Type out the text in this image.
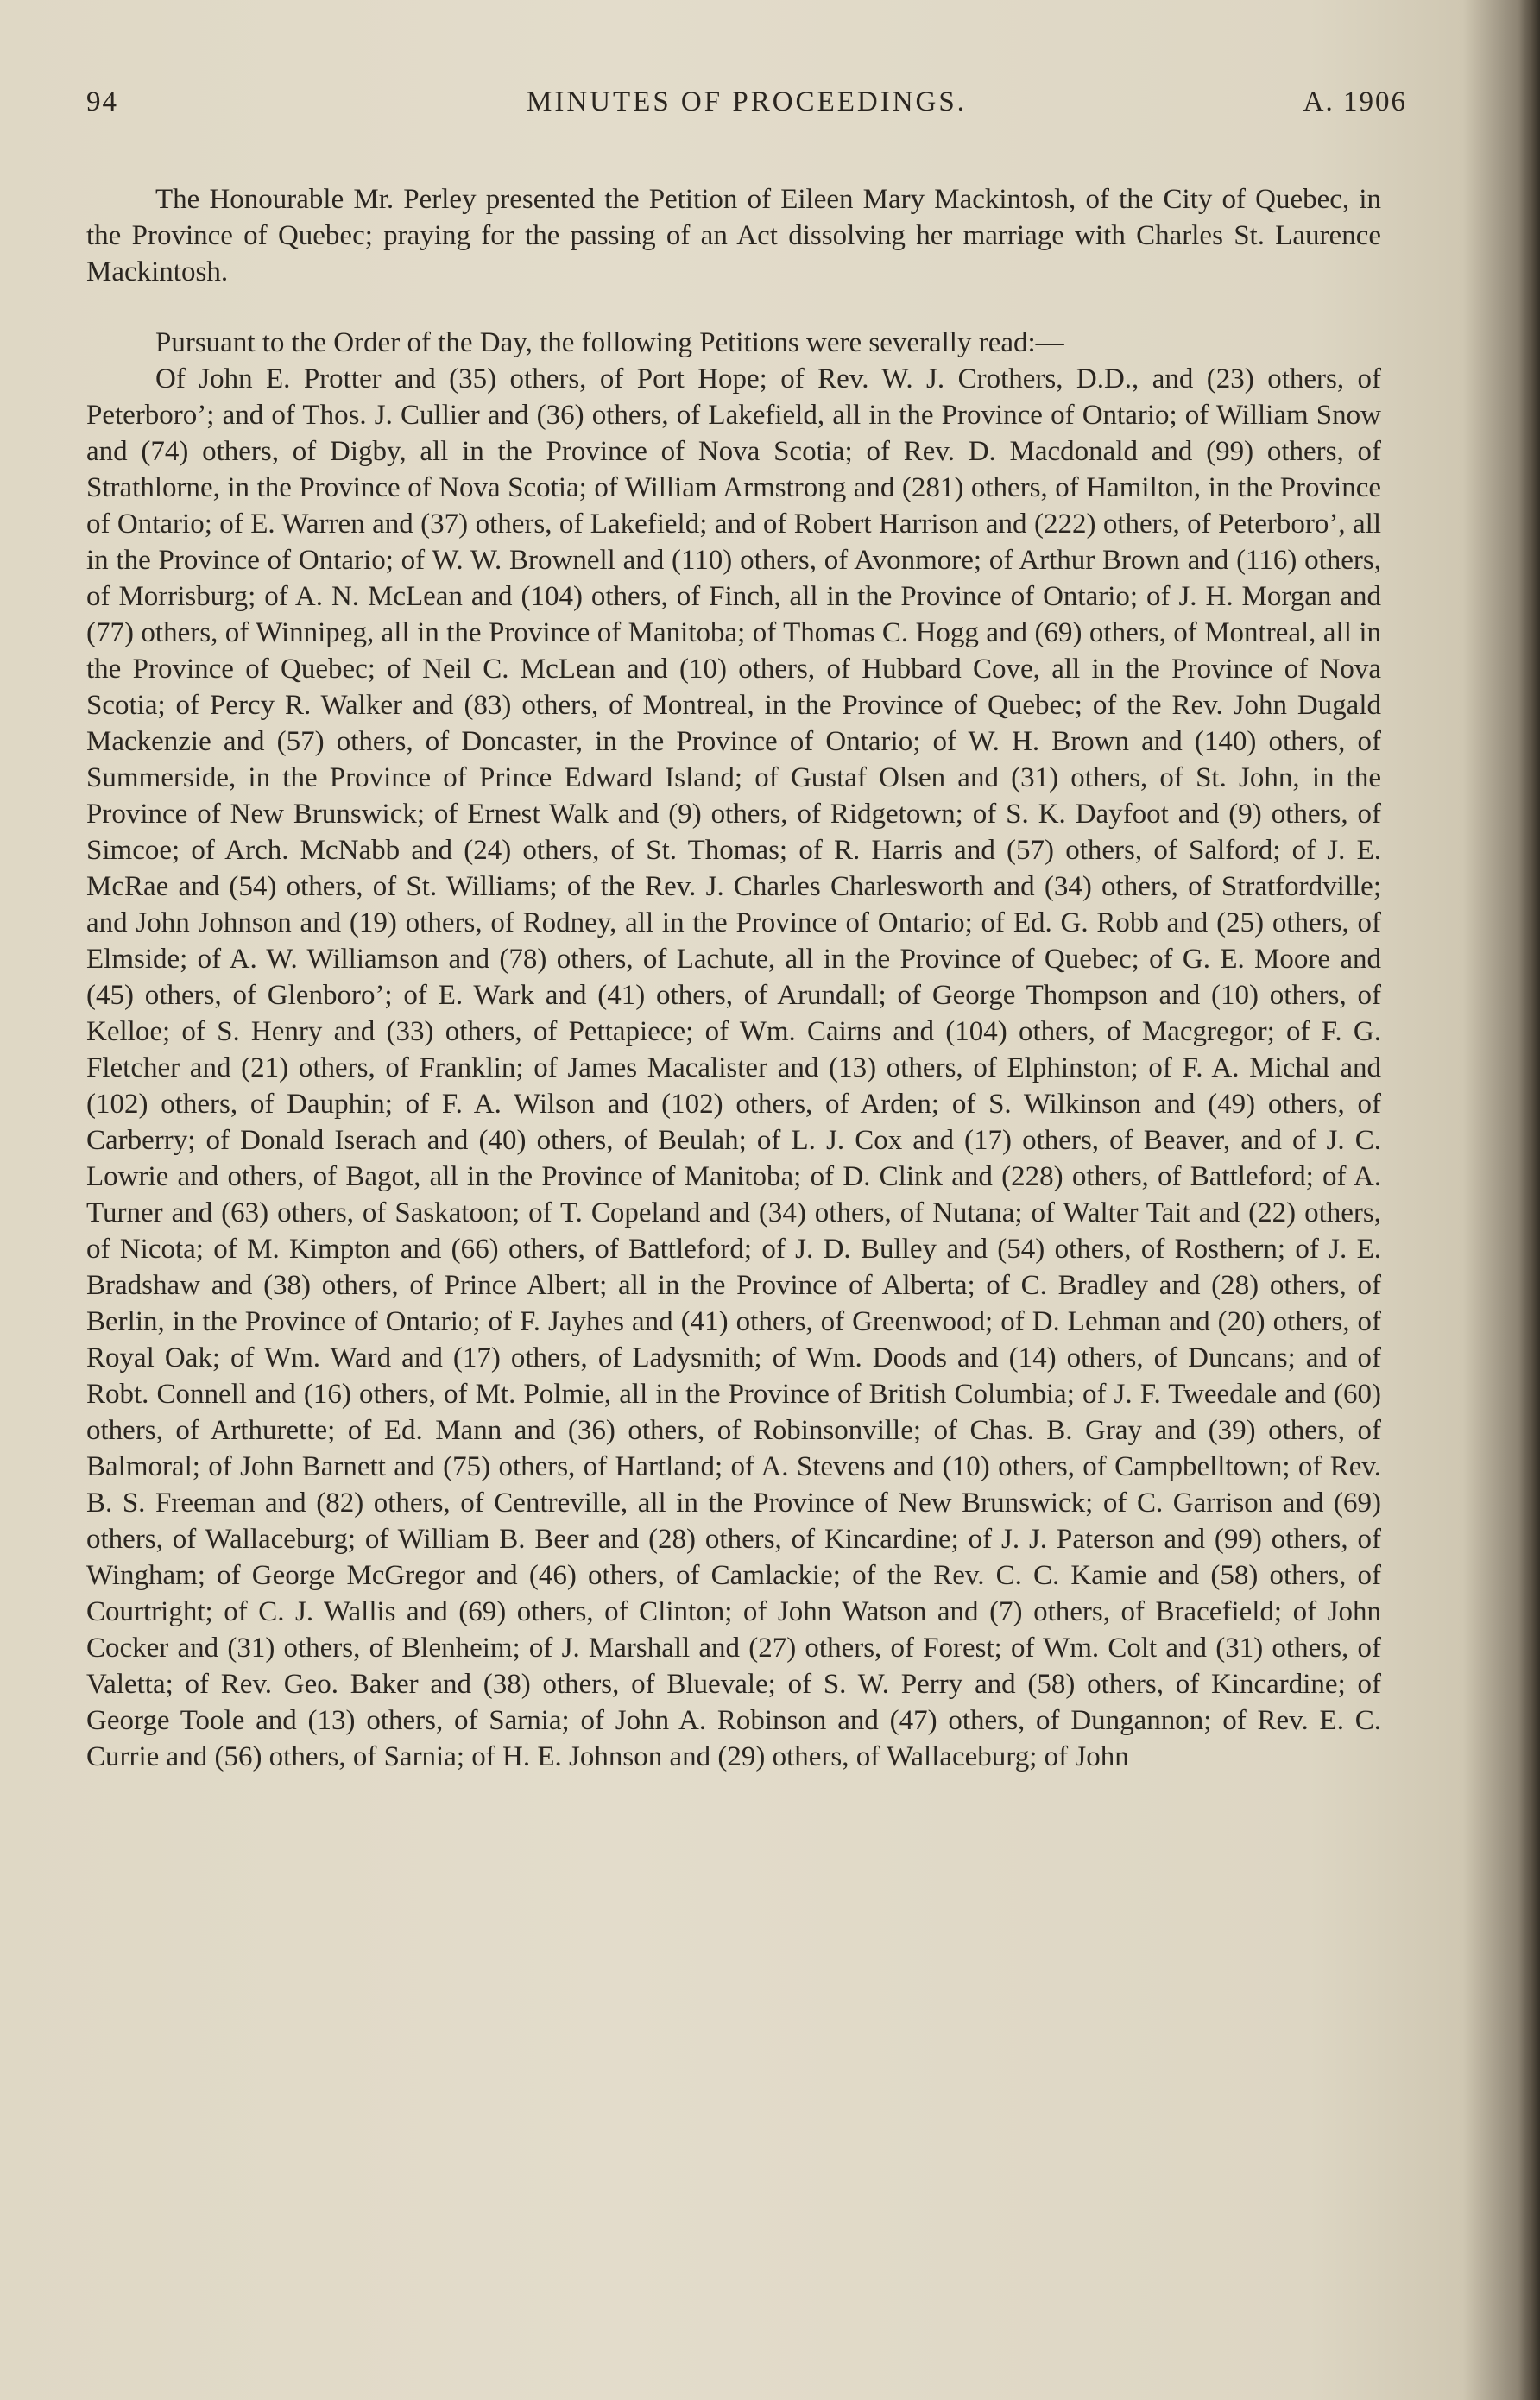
94	MINUTES OF PROCEEDINGS.	A. 1906

The Honourable Mr. Perley presented the Petition of Eileen Mary Mackintosh, of the City of Quebec, in the Province of Quebec; praying for the passing of an Act dissolving her marriage with Charles St. Laurence Mackintosh.

Pursuant to the Order of the Day, the following Petitions were severally read:—

Of John E. Protter and (35) others, of Port Hope; of Rev. W. J. Crothers, D.D., and (23) others, of Peterboro’; and of Thos. J. Cullier and (36) others, of Lakefield, all in the Province of Ontario; of William Snow and (74) others, of Digby, all in the Province of Nova Scotia; of Rev. D. Macdonald and (99) others, of Strathlorne, in the Province of Nova Scotia; of William Armstrong and (281) others, of Hamilton, in the Province of Ontario; of E. Warren and (37) others, of Lakefield; and of Robert Harrison and (222) others, of Peterboro’, all in the Province of Ontario; of W. W. Brownell and (110) others, of Avonmore; of Arthur Brown and (116) others, of Morrisburg; of A. N. McLean and (104) others, of Finch, all in the Province of Ontario; of J. H. Morgan and (77) others, of Winnipeg, all in the Province of Manitoba; of Thomas C. Hogg and (69) others, of Montreal, all in the Province of Quebec; of Neil C. McLean and (10) others, of Hubbard Cove, all in the Province of Nova Scotia; of Percy R. Walker and (83) others, of Montreal, in the Province of Quebec; of the Rev. John Dugald Mackenzie and (57) others, of Doncaster, in the Province of Ontario; of W. H. Brown and (140) others, of Summerside, in the Province of Prince Edward Island; of Gustaf Olsen and (31) others, of St. John, in the Province of New Brunswick; of Ernest Walk and (9) others, of Ridgetown; of S. K. Dayfoot and (9) others, of Simcoe; of Arch. McNabb and (24) others, of St. Thomas; of R. Harris and (57) others, of Salford; of J. E. McRae and (54) others, of St. Williams; of the Rev. J. Charles Charlesworth and (34) others, of Stratfordville; and John Johnson and (19) others, of Rodney, all in the Province of Ontario; of Ed. G. Robb and (25) others, of Elmside; of A. W. Williamson and (78) others, of Lachute, all in the Province of Quebec; of G. E. Moore and (45) others, of Glenboro’; of E. Wark and (41) others, of Arundall; of George Thompson and (10) others, of Kelloe; of S. Henry and (33) others, of Pettapiece; of Wm. Cairns and (104) others, of Macgregor; of F. G. Fletcher and (21) others, of Franklin; of James Macalister and (13) others, of Elphinston; of F. A. Michal and (102) others, of Dauphin; of F. A. Wilson and (102) others, of Arden; of S. Wilkinson and (49) others, of Carberry; of Donald Iserach and (40) others, of Beulah; of L. J. Cox and (17) others, of Beaver, and of J. C. Lowrie and others, of Bagot, all in the Province of Manitoba; of D. Clink and (228) others, of Battleford; of A. Turner and (63) others, of Saskatoon; of T. Copeland and (34) others, of Nutana; of Walter Tait and (22) others, of Nicota; of M. Kimpton and (66) others, of Battleford; of J. D. Bulley and (54) others, of Rosthern; of J. E. Bradshaw and (38) others, of Prince Albert; all in the Province of Alberta; of C. Bradley and (28) others, of Berlin, in the Province of Ontario; of F. Jayhes and (41) others, of Greenwood; of D. Lehman and (20) others, of Royal Oak; of Wm. Ward and (17) others, of Ladysmith; of Wm. Doods and (14) others, of Duncans; and of Robt. Connell and (16) others, of Mt. Polmie, all in the Province of British Columbia; of J. F. Tweedale and (60) others, of Arthurette; of Ed. Mann and (36) others, of Robinsonville; of Chas. B. Gray and (39) others, of Balmoral; of John Barnett and (75) others, of Hartland; of A. Stevens and (10) others, of Campbelltown; of Rev. B. S. Freeman and (82) others, of Centreville, all in the Province of New Brunswick; of C. Garrison and (69) others, of Wallaceburg; of William B. Beer and (28) others, of Kincardine; of J. J. Paterson and (99) others, of Wingham; of George McGregor and (46) others, of Camlackie; of the Rev. C. C. Kamie and (58) others, of Courtright; of C. J. Wallis and (69) others, of Clinton; of John Watson and (7) others, of Bracefield; of John Cocker and (31) others, of Blenheim; of J. Marshall and (27) others, of Forest; of Wm. Colt and (31) others, of Valetta; of Rev. Geo. Baker and (38) others, of Bluevale; of S. W. Perry and (58) others, of Kincardine; of George Toole and (13) others, of Sarnia; of John A. Robinson and (47) others, of Dungannon; of Rev. E. C. Currie and (56) others, of Sarnia; of H. E. Johnson and (29) others, of Wallaceburg; of John
